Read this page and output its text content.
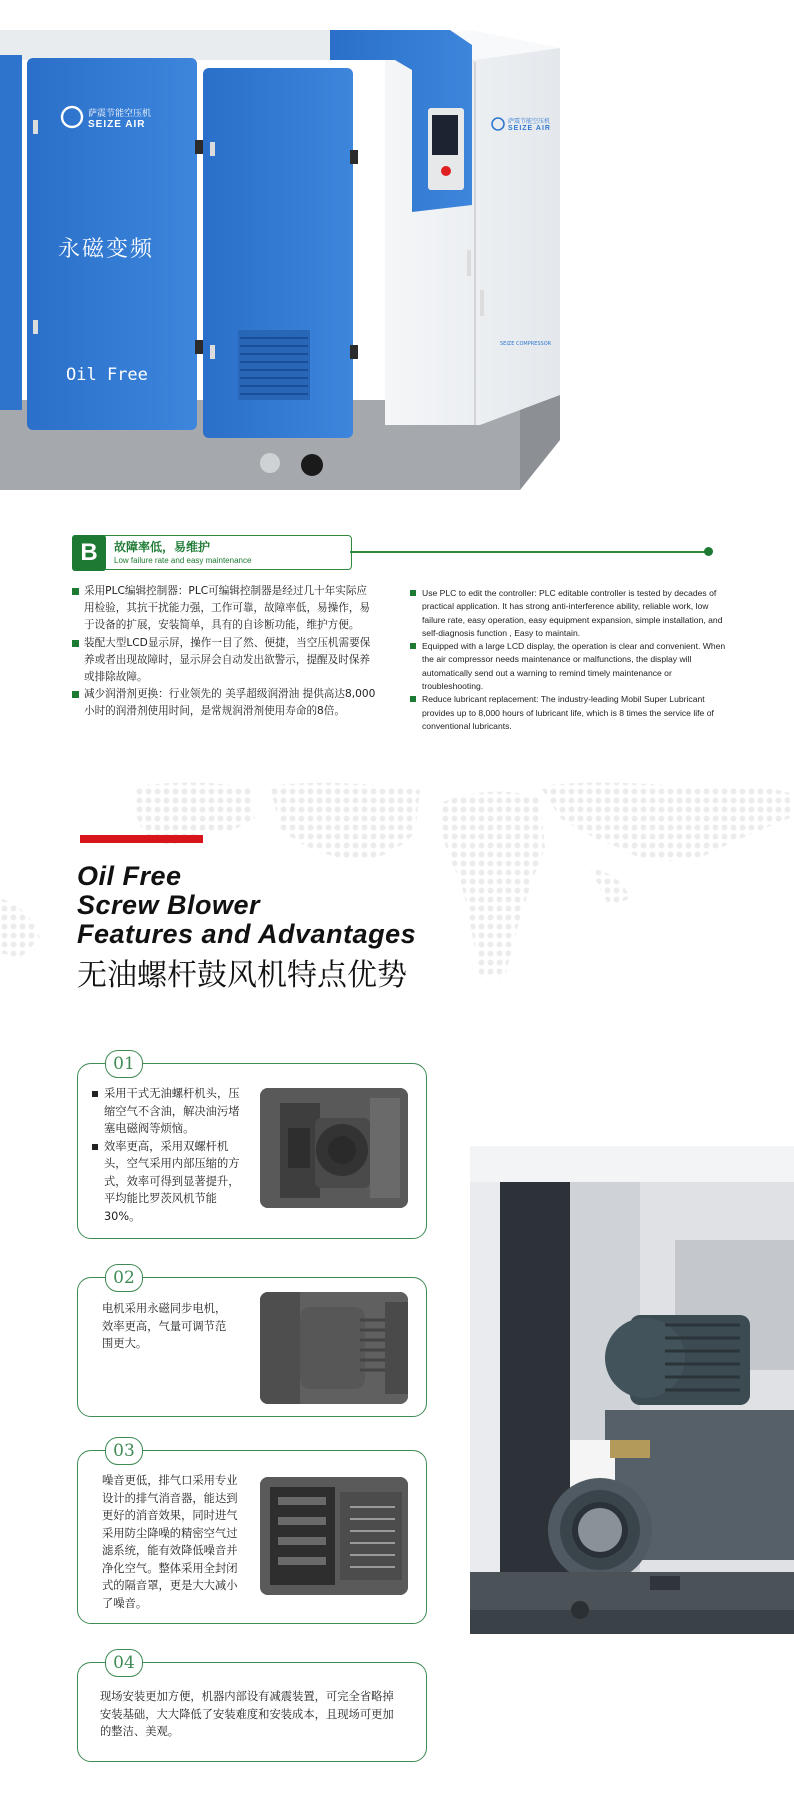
SEIZE COMPRESSOR
萨震节能空压机
SEIZE AIR	萨震节能空压机
SEIZE AIR
永磁变频
Oil Free
B	故障率低，易维护
Low failure rate and easy maintenance
采用PLC编辑控制器：PLC可编辑控制器是经过几十年实际应用检验，其抗干扰能力强，工作可靠，故障率低，易操作，易于设备的扩展，安装简单，具有的自诊断功能，维护方便。
装配大型LCD显示屏，操作一目了然、便捷，当空压机需要保养或者出现故障时，显示屏会自动发出欲警示，提醒及时保养或排除故障。
减少润滑剂更换：行业领先的 美孚超级润滑油 提供高达8,000小时的润滑剂使用时间，是常规润滑剂使用寿命的8倍。
Use PLC to edit the controller: PLC editable controller is tested by decades of practical application. It has strong anti-interference ability, reliable work, low failure rate, easy operation, easy equipment expansion, simple installation, and self-diagnosis function , Easy to maintain.
Equipped with a large LCD display, the operation is clear and convenient. When the air compressor needs maintenance or malfunctions, the display will automatically send out a warning to remind timely maintenance or troubleshooting.
Reduce lubricant replacement: The industry-leading Mobil Super Lubricant provides up to 8,000 hours of lubricant life, which is 8 times the service life of conventional lubricants.
Oil Free
Screw Blower
Features and Advantages
无油螺杆鼓风机特点优势
01
采用干式无油螺杆机头，压缩空气不含油，解决油污堵塞电磁阀等烦恼。
效率更高，采用双螺杆机头，空气采用内部压缩的方式，效率可得到显著提升，平均能比罗茨风机节能30%。
02
电机采用永磁同步电机，效率更高，气量可调节范围更大。
03
噪音更低，排气口采用专业设计的排气消音器，能达到更好的消音效果，同时进气采用防尘降噪的精密空气过滤系统，能有效降低噪音并净化空气。整体采用全封闭式的隔音罩，更是大大减小了噪音。
04
现场安装更加方便，机器内部设有减震装置，可完全省略掉安装基础，大大降低了安装难度和安装成本，且现场可更加的整洁、美观。
